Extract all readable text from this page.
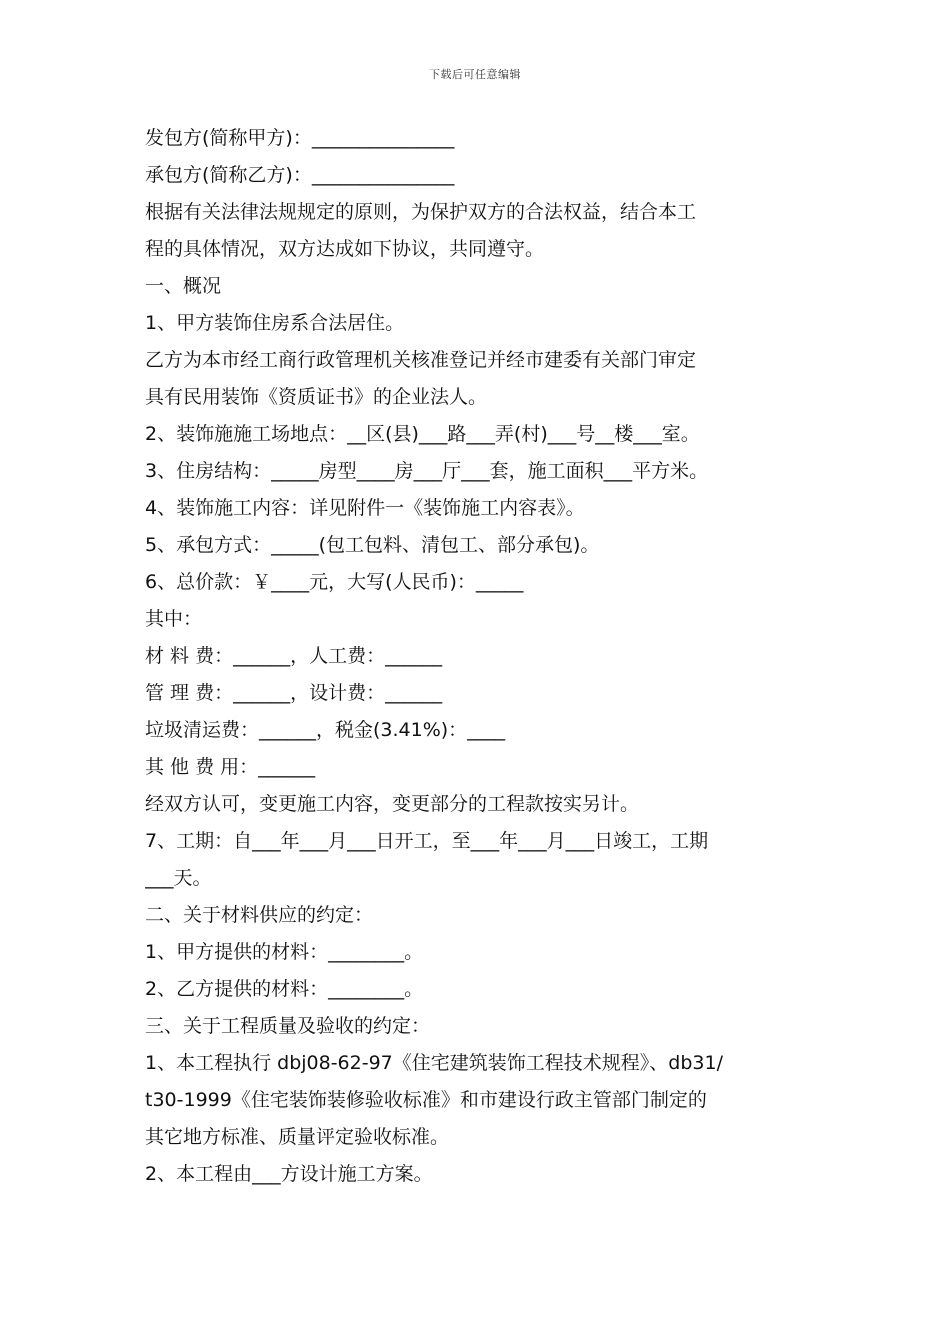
下载后可任意编辑
发包方(简称甲方)：_______________
承包方(简称乙方)：_______________
根据有关法律法规规定的原则，为保护双方的合法权益，结合本工
程的具体情况，双方达成如下协议，共同遵守。
一、概况
1、甲方装饰住房系合法居住。
乙方为本市经工商行政管理机关核准登记并经市建委有关部门审定
具有民用装饰《资质证书》的企业法人。
2、装饰施施工场地点：__区(县)___路___弄(村)___号__楼___室。
3、住房结构：_____房型____房___厅___套，施工面积___平方米。
4、装饰施工内容：详见附件一《装饰施工内容表》。
5、承包方式：_____(包工包料、清包工、部分承包)。
6、总价款：￥____元，大写(人民币)：_____
其中：
材 料 费：______，人工费：______
管 理 费：______，设计费：______
垃圾清运费：______，税金(3.41%)：____
其 他 费 用：______
经双方认可，变更施工内容，变更部分的工程款按实另计。
7、工期：自___年___月___日开工，至___年___月___日竣工，工期
___天。
二、关于材料供应的约定：
1、甲方提供的材料：________。
2、乙方提供的材料：________。
三、关于工程质量及验收的约定：
1、本工程执行 dbj08-62-97《住宅建筑装饰工程技术规程》、db31/
t30-1999《住宅装饰装修验收标准》和市建设行政主管部门制定的
其它地方标准、质量评定验收标准。
2、本工程由___方设计施工方案。
